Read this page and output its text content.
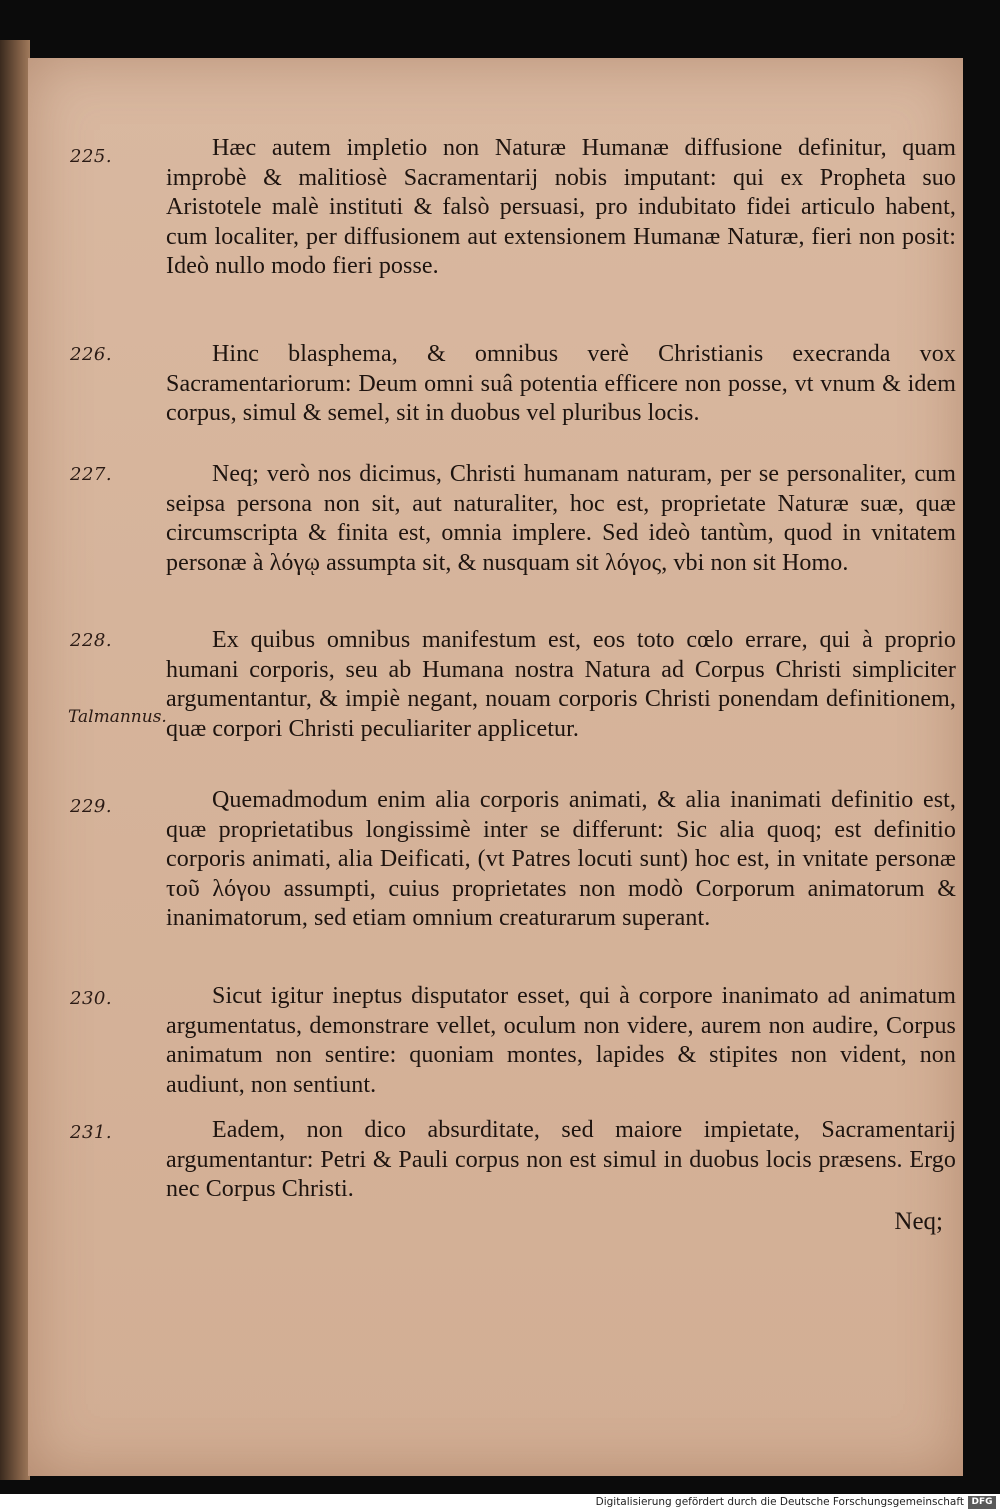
225.	Hæc autem impletio non Naturæ Humanæ diffusione definitur, quam improbè & malitiosè Sacramentarij nobis imputant: qui ex Propheta suo Aristotele malè instituti & falsò persuasi, pro indubitato fidei articulo habent, cum localiter, per diffusionem aut extensionem Humanæ Naturæ, fieri non posit: Ideò nullo modo fieri posse.
226.	Hinc blasphema, & omnibus verè Christianis execranda vox Sacramentariorum: Deum omni suâ potentia efficere non posse, vt vnum & idem corpus, simul & semel, sit in duobus vel pluribus locis.
227.	Neq; verò nos dicimus, Christi humanam naturam, per se personaliter, cum seipsa persona non sit, aut naturaliter, hoc est, proprietate Naturæ suæ, quæ circumscripta & finita est, omnia implere. Sed ideò tantùm, quod in vnitatem personæ à λόγῳ assumpta sit, & nusquam sit λόγος, vbi non sit Homo.
228.	Ex quibus omnibus manifestum est, eos toto cœlo errare, qui à proprio humani corporis, seu ab Humana nostra Natura ad Corpus Christi simpliciter argumentantur, & impiè negant, nouam corporis Christi ponendam definitionem, quæ corpori Christi peculiariter applicetur.
Talmannus.
229.	Quemadmodum enim alia corporis animati, & alia inanimati definitio est, quæ proprietatibus longissimè inter se differunt: Sic alia quoq; est definitio corporis animati, alia Deificati, (vt Patres locuti sunt) hoc est, in vnitate personæ τοῦ λόγου assumpti, cuius proprietates non modò Corporum animatorum & inanimatorum, sed etiam omnium creaturarum superant.
230.	Sicut igitur ineptus disputator esset, qui à corpore inanimato ad animatum argumentatus, demonstrare vellet, oculum non videre, aurem non audire, Corpus animatum non sentire: quoniam montes, lapides & stipites non vident, non audiunt, non sentiunt.
231.	Eadem, non dico absurditate, sed maiore impietate, Sacramentarij argumentantur: Petri & Pauli corpus non est simul in duobus locis præsens. Ergo nec Corpus Christi.
Neq;
Digitalisierung gefördert durch die Deutsche Forschungsgemeinschaft DFG
